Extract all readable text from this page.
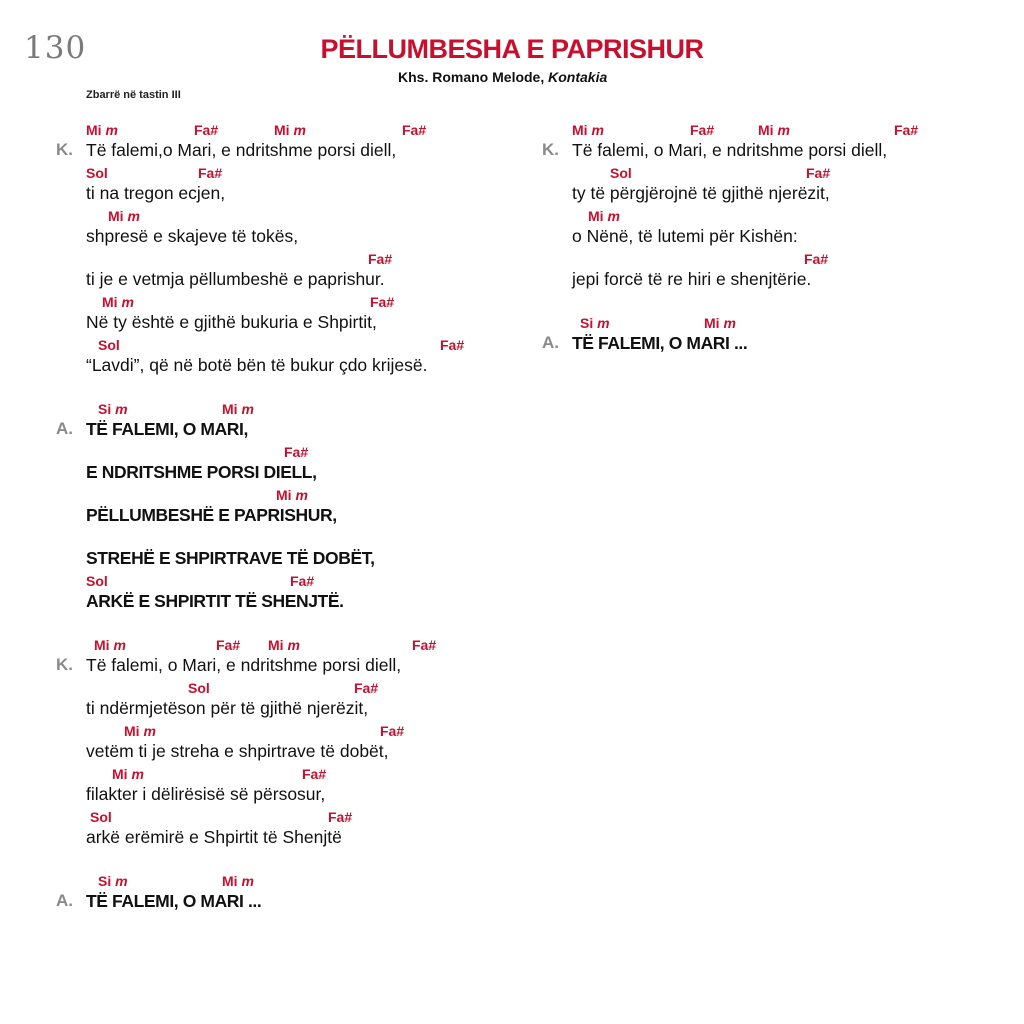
130	PËLLUMBESHA E PAPRISHUR
Khs. Romano Melode, Kontakia
Zbarrë në tastin III
Mi m	Fa#	Mi m	Fa#
K. Të falemi,o Mari, e ndritshme porsi diell,
Sol	Fa#
ti na tregon ecjen,
Mi m
shpresë e skajeve të tokës,
Fa#
ti je e vetmja pëllumbeshë e paprishur.
Mi m	Fa#
Në ty është e gjithë bukuria e Shpirtit,
Sol	Fa#
“Lavdi”, që në botë bën të bukur çdo krijesë.
Si m	Mi m
A. TË FALEMI, O MARI,
Fa#
E NDRITSHME PORSI DIELL,
Mi m
PËLLUMBESHË E PAPRISHUR,
STREHË E SHPIRTRAVE TË DOBËT,
Sol	Fa#
ARKË E SHPIRTIT TË SHENJTË.
Mi m	Fa# Mi m	Fa#
K. Të falemi, o Mari, e ndritshme porsi diell,
Sol	Fa#
ti ndërmjetëson për të gjithë njerëzit,
Mi m	Fa#
vetëm ti je streha e shpirtrave të dobët,
Mi m	Fa#
filakter i dëlirësisë së përsosur,
Sol	Fa#
arkë erëmirë e Shpirtit të Shenjtë
Si m	Mi m
A. TË FALEMI, O MARI ...
Mi m	Fa#	Mi m	Fa#
K. Të falemi, o Mari, e ndritshme porsi diell,
Sol	Fa#
ty të përgjërojnë të gjithë njerëzit,
Mi m
o Nënë, të lutemi për Kishën:
Fa#
jepi forcë të re hiri e shenjtërie.
Si m	Mi m
A. TË FALEMI, O MARI ...
